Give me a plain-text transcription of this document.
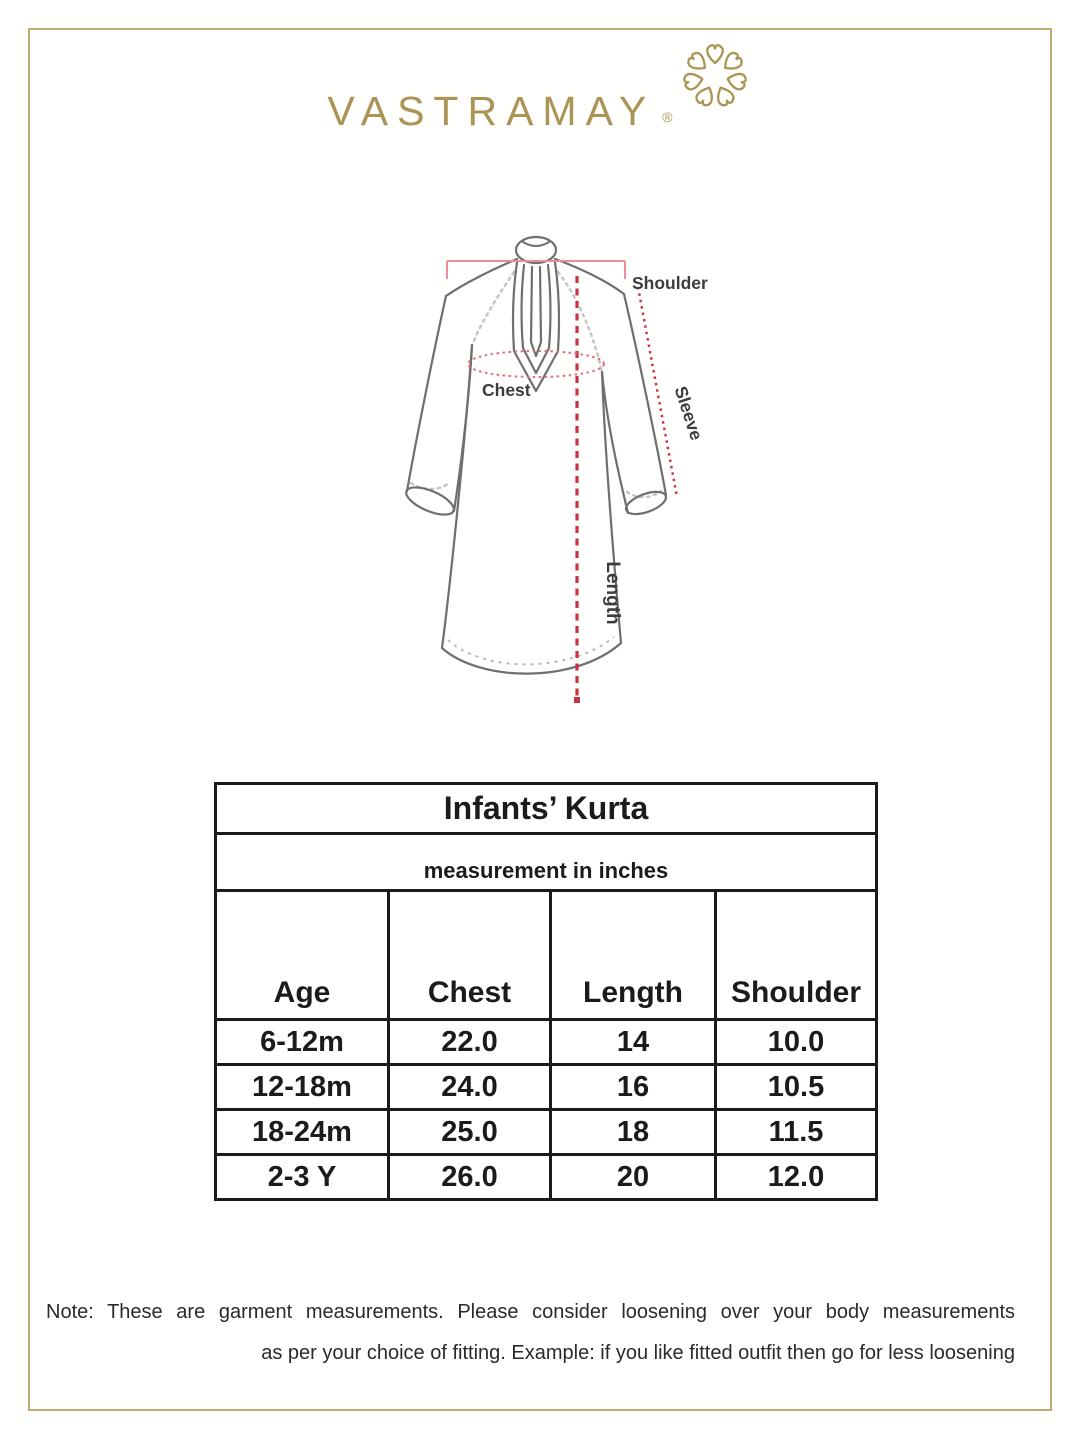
VASTRAMAY ®
Shoulder
Chest	Sleeve
Length
Infants’ Kurta			
measurement in inches			
Age	Chest	Length	Shoulder
6-12m	22.0	14	10.0
12-18m	24.0	16	10.5
18-24m	25.0	18	11.5
2-3 Y	26.0	20	12.0
Note: These are garment measurements. Please consider loosening over your body measurements
as per your choice of fitting. Example: if you like fitted outfit then go for less loosening
